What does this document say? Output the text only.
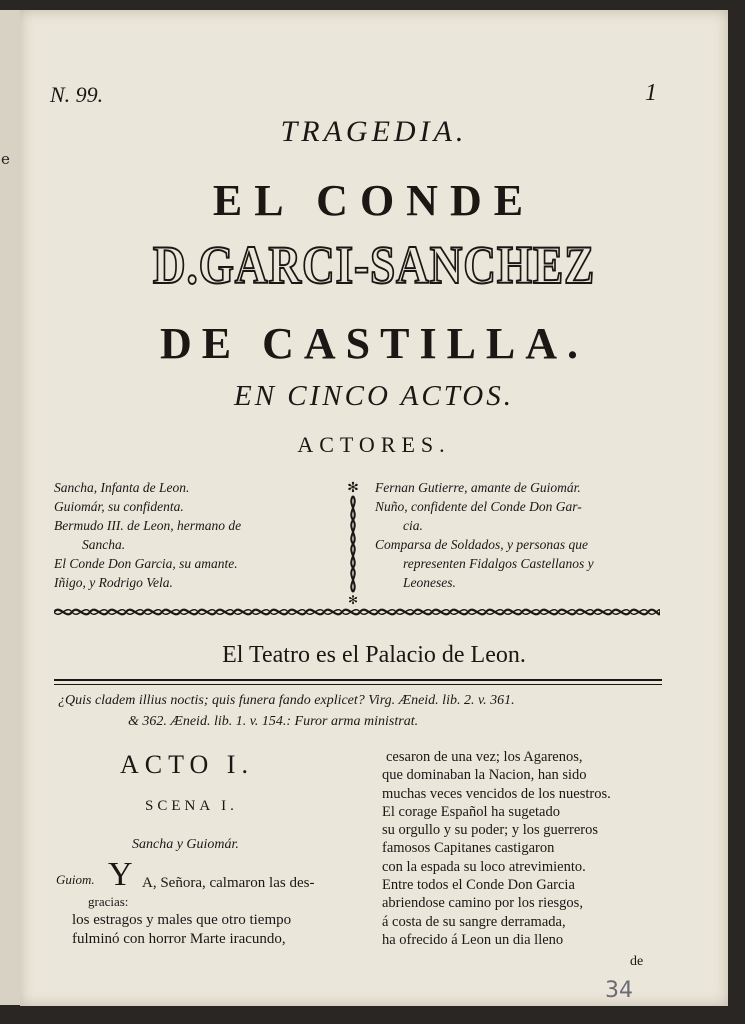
e
N. 99.	1
TRAGEDIA.
EL CONDE
D.GARCI-SANCHEZ
DE CASTILLA.
EN CINCO ACTOS.
ACTORES.
Sancha, Infanta de Leon.
Guiomár, su confidenta.
Bermudo III. de Leon, hermano de
Sancha.
El Conde Don Garcia, su amante.
Iñigo, y Rodrigo Vela.
✻
✻
Fernan Gutierre, amante de Guiomár.
Nuño, confidente del Conde Don Gar-
cia.
Comparsa de Soldados, y personas que
representen Fidalgos Castellanos y
Leoneses.
El Teatro es el Palacio de Leon.
¿Quis cladem illius noctis; quis funera fando explicet? Virg. Æneid. lib. 2. v. 361.
& 362. Æneid. lib. 1. v. 154.: Furor arma ministrat.
ACTO I.
SCENA I.
Sancha y Guiomár.
Guiom. Y A, Señora, calmaron las des-
gracias:
los estragos y males que otro tiempo
fulminó con horror Marte iracundo,
cesaron de una vez; los Agarenos,
que dominaban la Nacion, han sido
muchas veces vencidos de los nuestros.
El corage Español ha sugetado
su orgullo y su poder; y los guerreros
famosos Capitanes castigaron
con la espada su loco atrevimiento.
Entre todos el Conde Don Garcia
abriendose camino por los riesgos,
á costa de su sangre derramada,
ha ofrecido á Leon un dia lleno
de
34
